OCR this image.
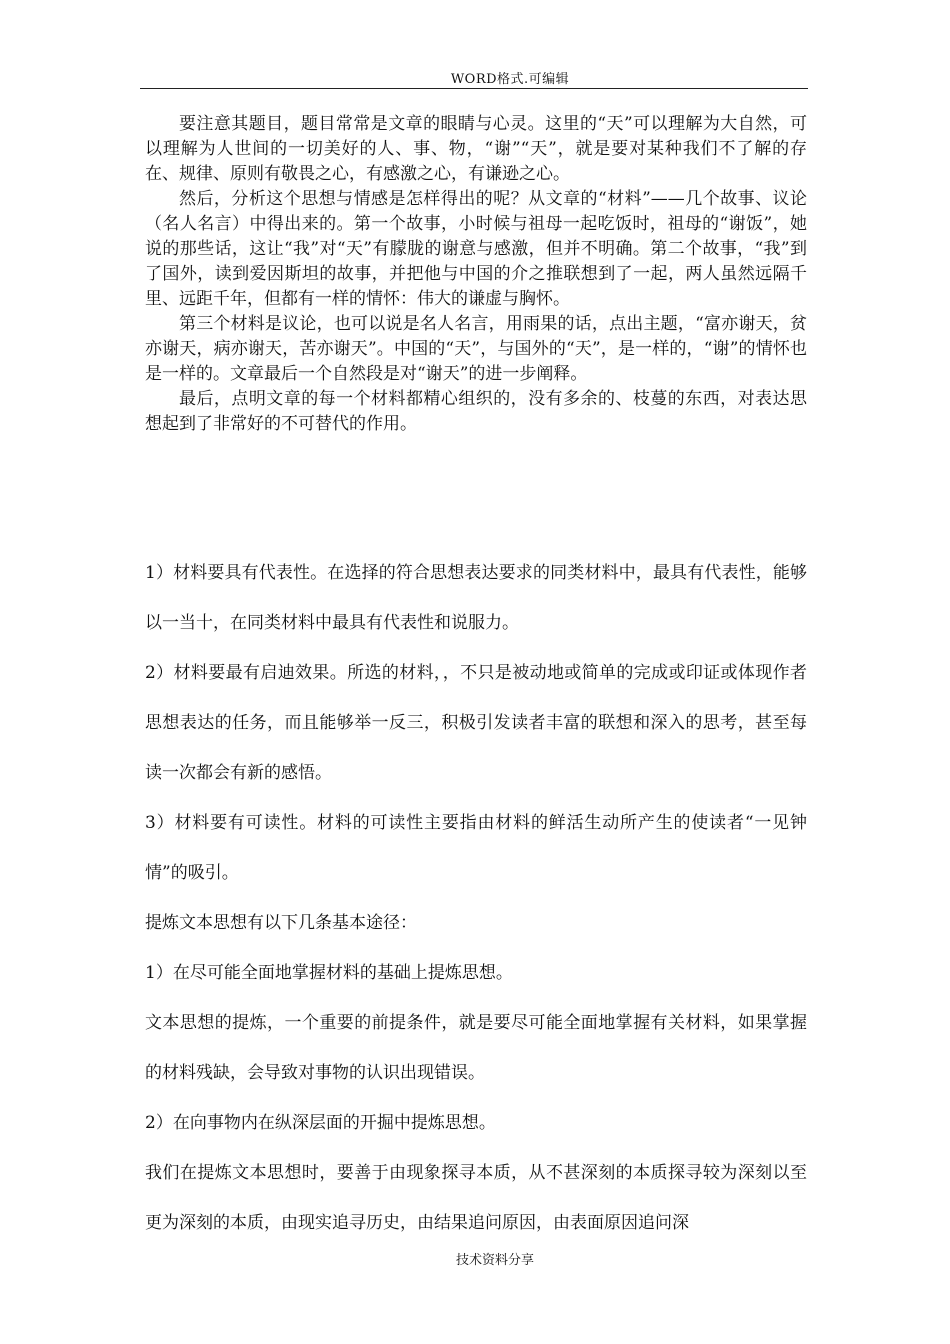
WORD格式.可编辑

要注意其题目，题目常常是文章的眼睛与心灵。这里的“天”可以理解为大自然，可以理解为人世间的一切美好的人、事、物，“谢”“天”，就是要对某种我们不了解的存在、规律、原则有敬畏之心，有感激之心，有谦逊之心。

然后，分析这个思想与情感是怎样得出的呢？从文章的“材料”——几个故事、议论（名人名言）中得出来的。第一个故事，小时候与祖母一起吃饭时，祖母的“谢饭”，她说的那些话，这让“我”对“天”有朦胧的谢意与感激，但并不明确。第二个故事，“我”到了国外，读到爱因斯坦的故事，并把他与中国的介之推联想到了一起，两人虽然远隔千里、远距千年，但都有一样的情怀：伟大的谦虚与胸怀。

第三个材料是议论，也可以说是名人名言，用雨果的话，点出主题，“富亦谢天，贫亦谢天，病亦谢天，苦亦谢天”。中国的“天”，与国外的“天”，是一样的，“谢”的情怀也是一样的。文章最后一个自然段是对“谢天”的进一步阐释。

最后，点明文章的每一个材料都精心组织的，没有多余的、枝蔓的东西，对表达思想起到了非常好的不可替代的作用。

1）材料要具有代表性。在选择的符合思想表达要求的同类材料中，最具有代表性，能够以一当十，在同类材料中最具有代表性和说服力。

2）材料要最有启迪效果。所选的材料，，不只是被动地或简单的完成或印证或体现作者思想表达的任务，而且能够举一反三，积极引发读者丰富的联想和深入的思考，甚至每读一次都会有新的感悟。

3）材料要有可读性。材料的可读性主要指由材料的鲜活生动所产生的使读者“一见钟情”的吸引。

提炼文本思想有以下几条基本途径：

1）在尽可能全面地掌握材料的基础上提炼思想。

文本思想的提炼，一个重要的前提条件，就是要尽可能全面地掌握有关材料，如果掌握的材料残缺，会导致对事物的认识出现错误。

2）在向事物内在纵深层面的开掘中提炼思想。

我们在提炼文本思想时，要善于由现象探寻本质，从不甚深刻的本质探寻较为深刻以至更为深刻的本质，由现实追寻历史，由结果追问原因，由表面原因追问深

技术资料分享
